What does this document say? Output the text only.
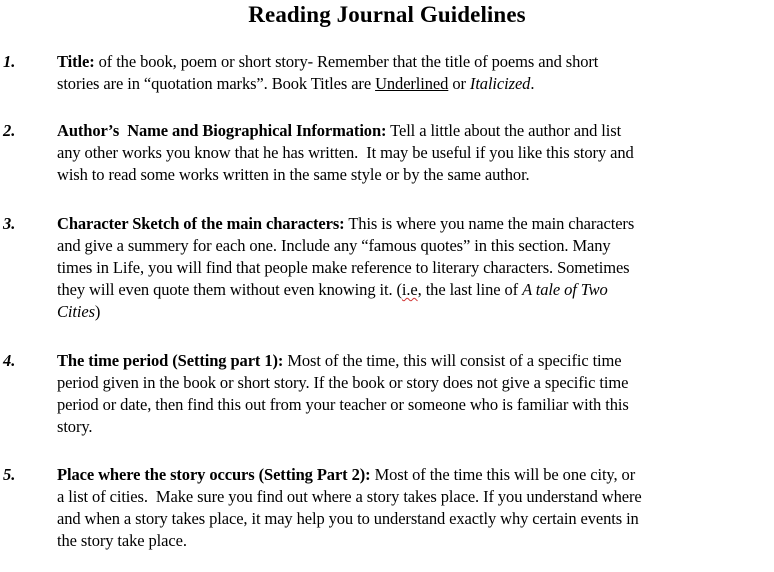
Reading Journal Guidelines
1.	Title: of the book, poem or short story- Remember that the title of poems and short
stories are in “quotation marks”. Book Titles are Underlined or Italicized.
2.	Author’s  Name and Biographical Information: Tell a little about the author and list
any other works you know that he has written.  It may be useful if you like this story and
wish to read some works written in the same style or by the same author.
3.	Character Sketch of the main characters: This is where you name the main characters
and give a summery for each one. Include any “famous quotes” in this section. Many
times in Life, you will find that people make reference to literary characters. Sometimes
they will even quote them without even knowing it. (i.e, the last line of A tale of Two
Cities)
4.	The time period (Setting part 1): Most of the time, this will consist of a specific time
period given in the book or short story. If the book or story does not give a specific time
period or date, then find this out from your teacher or someone who is familiar with this
story.
5.	Place where the story occurs (Setting Part 2): Most of the time this will be one city, or
a list of cities.  Make sure you find out where a story takes place. If you understand where
and when a story takes place, it may help you to understand exactly why certain events in
the story take place.
